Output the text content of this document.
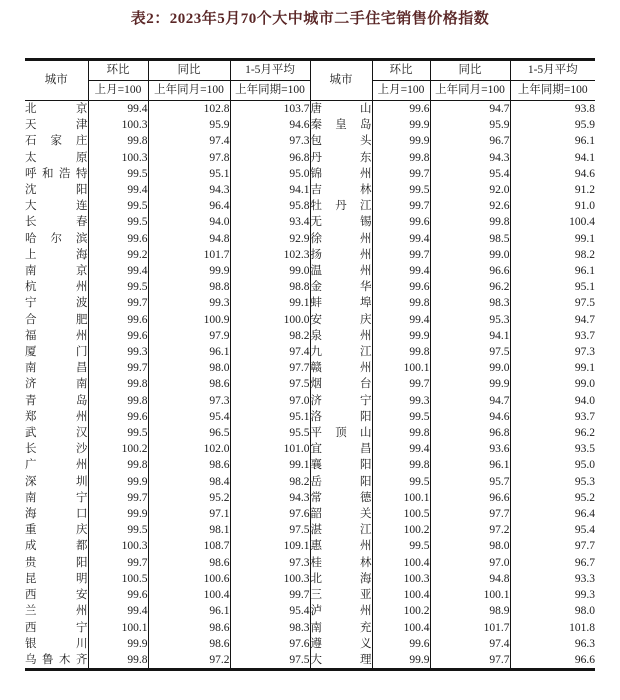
表2：2023年5月70个大中城市二手住宅销售价格指数
城市	环比	同比	1-5月平均	城市	环比	同比	1-5月平均
	上月=100	上年同月=100	上年同期=100		上月=100	上年同月=100	上年同期=100
北京	99.4	102.8	103.7	唐山	99.6	94.7	93.8
天津	100.3	95.9	94.6	秦皇岛	99.9	95.9	95.9
石家庄	99.8	97.4	97.3	包头	99.9	96.7	96.1
太原	100.3	97.8	96.8	丹东	99.8	94.3	94.1
呼和浩特	99.5	95.1	95.0	锦州	99.7	95.4	94.6
沈阳	99.4	94.3	94.1	吉林	99.5	92.0	91.2
大连	99.5	96.4	95.8	牡丹江	99.7	92.6	91.0
长春	99.5	94.0	93.4	无锡	99.6	99.8	100.4
哈尔滨	99.6	94.8	92.9	徐州	99.4	98.5	99.1
上海	99.2	101.7	102.3	扬州	99.7	99.0	98.2
南京	99.4	99.9	99.0	温州	99.4	96.6	96.1
杭州	99.5	98.8	98.8	金华	99.6	96.2	95.1
宁波	99.7	99.3	99.1	蚌埠	99.8	98.3	97.5
合肥	99.6	100.9	100.0	安庆	99.4	95.3	94.7
福州	99.6	97.9	98.2	泉州	99.9	94.1	93.7
厦门	99.3	96.1	97.4	九江	99.8	97.5	97.3
南昌	99.7	98.0	97.7	赣州	100.1	99.0	99.1
济南	99.8	98.6	97.5	烟台	99.7	99.9	99.0
青岛	99.8	97.3	97.0	济宁	99.3	94.7	94.0
郑州	99.6	95.4	95.1	洛阳	99.5	94.6	93.7
武汉	99.5	96.5	95.5	平顶山	99.8	96.8	96.2
长沙	100.2	102.0	101.0	宜昌	99.4	93.6	93.5
广州	99.8	98.6	99.1	襄阳	99.8	96.1	95.0
深圳	99.9	98.4	98.2	岳阳	99.5	95.7	95.3
南宁	99.7	95.2	94.3	常德	100.1	96.6	95.2
海口	99.9	97.1	97.6	韶关	100.5	97.7	96.4
重庆	99.5	98.1	97.5	湛江	100.2	97.2	95.4
成都	100.3	108.7	109.1	惠州	99.5	98.0	97.7
贵阳	99.7	98.6	97.3	桂林	100.4	97.0	96.7
昆明	100.5	100.6	100.3	北海	100.3	94.8	93.3
西安	99.6	100.4	99.7	三亚	100.4	100.1	99.3
兰州	99.4	96.1	95.4	泸州	100.2	98.9	98.0
西宁	100.1	98.6	98.3	南充	100.4	101.7	101.8
银川	99.9	98.6	97.6	遵义	99.6	97.4	96.3
乌鲁木齐	99.8	97.2	97.5	大理	99.9	97.7	96.6
